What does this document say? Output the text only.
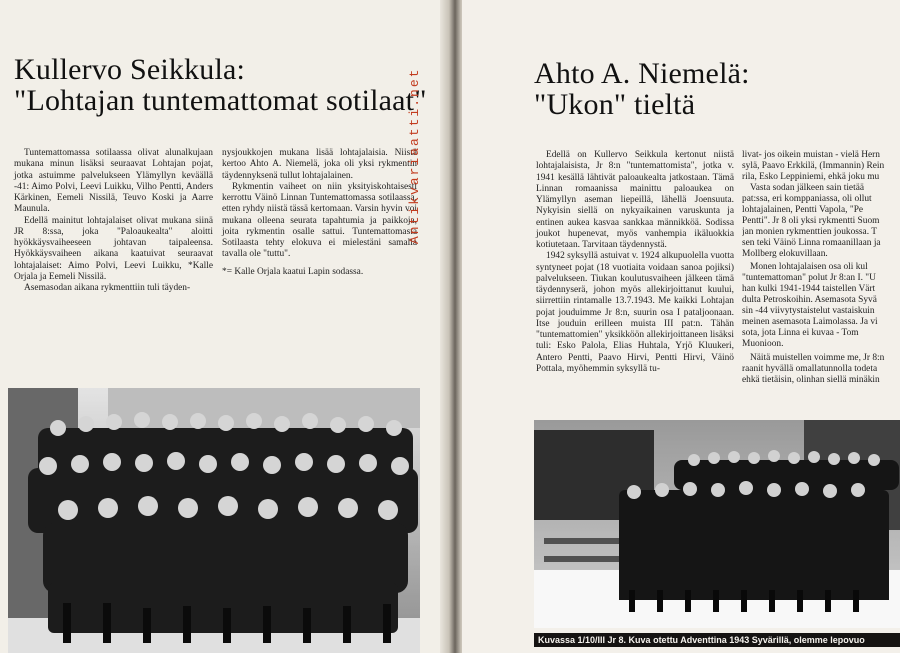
Kullervo Seikkula:
"Lohtajan tuntemattomat sotilaat"

Tuntemattomassa sotilaassa olivat alunalkujaan mukana minun lisäksi seuraavat Lohtajan pojat, jotka astuimme palvelukseen Ylämyllyn keväällä -41: Aimo Polvi, Leevi Luikku, Vilho Pentti, Anders Kärkinen, Eemeli Nissilä, Teuvo Koski ja Aarre Maunula.

Edellä mainitut lohtajalaiset olivat mukana siinä JR 8:ssa, joka "Paloaukealta" aloitti hyökkäysvaiheeseen johtavan taipaleensa. Hyökkäysvaiheen aikana kaatuivat seuraavat lohtajalaiset: Aimo Polvi, Leevi Luikku, *Kalle Orjala ja Eemeli Nissilä.

Asemasodan aikana rykmenttiin tuli täyden-

nysjoukkojen mukana lisää lohtajalaisia. Niistä kertoo Ahto A. Niemelä, joka oli yksi rykmentin täydennyksenä tullut lohtajalainen.

Rykmentin vaiheet on niin yksityiskohtaisesti kerrottu Väinö Linnan Tuntemattomassa sotilaassa, etten ryhdy niistä tässä kertomaan. Varsin hyvin voi mukana olleena seurata tapahtumia ja paikkoja, joita rykmentin osalle sattui. Tuntemattomasta Sotilaasta tehty elokuva ei mielestäni samalla tavalla ole "tuttu".

*= Kalle Orjala kaatui Lapin sodassa.

Antikvariaatti.net	Ahto A. Niemelä:
"Ukon" tieltä

Edellä on Kullervo Seikkula kertonut niistä lohtajalaisista, Jr 8:n "tuntemattomista", jotka v. 1941 kesällä lähtivät paloaukealta jatkostaan. Tämä Linnan romaanissa mainittu paloaukea on Ylämyllyn aseman liepeillä, lähellä Joensuuta. Nykyisin siellä on nykyaikainen varuskunta ja entinen aukea kasvaa sankkaa männikköä. Sodissa joukot hupenevat, myös vanhempia ikäluokkia kotiutetaan. Tarvitaan täydennystä.

1942 syksyllä astuivat v. 1924 alkupuolella vuotta syntyneet pojat (18 vuotiaita voidaan sanoa pojiksi) palvelukseen. Tiukan koulutusvaiheen jälkeen tämä täydennyserä, johon myös allekirjoittanut kuului, siirrettiin rintamalle 13.7.1943. Me kaikki Lohtajan pojat jouduimme Jr 8:n, suurin osa I pataljoonaan. Itse jouduin erilleen muista III pat:n. Tähän "tuntemattomien" yksikköön allekirjoittaneen lisäksi tuli: Esko Palola, Elias Huhtala, Yrjö Kluukeri, Antero Pentti, Paavo Hirvi, Pentti Hirvi, Väinö Pottala, myöhemmin syksyllä tu-

livat- jos oikein muistan - vielä Hern
sylä, Paavo Erkkilä, (Immannin) Rein
rila, Esko Leppiniemi, ehkä joku mu
Vasta sodan jälkeen sain tietää
pat:ssa, eri komppaniassa, oli ollut
lohtajalainen, Pentti Vapola, "Pe
Pentti". Jr 8 oli yksi rykmentti Suom
jan monien rykmenttien joukossa. T
sen teki Väinö Linna romaanillaan ja
Mollberg elokuvillaan.
Monen lohtajalaisen osa oli kul
"tuntemattoman" polut Jr 8:an I. "U
han kulki 1941-1944 taistellen Värt
dulta Petroskoihin. Asemasota Syvä
sin -44 viivytystaistelut vastaiskuin
meinen asemasota Laimolassa. Ja vi
sota, jota Linna ei kuvaa - Tom
Muonioon.
Näitä muistellen voimme me, Jr 8:n
raanit hyvällä omallatunnolla todeta
ehkä tietäisin, olinhan siellä minäkin
Kuvassa 1/10/III Jr 8. Kuva otettu Adventtina 1943 Syvärillä, olemme lepovuo
